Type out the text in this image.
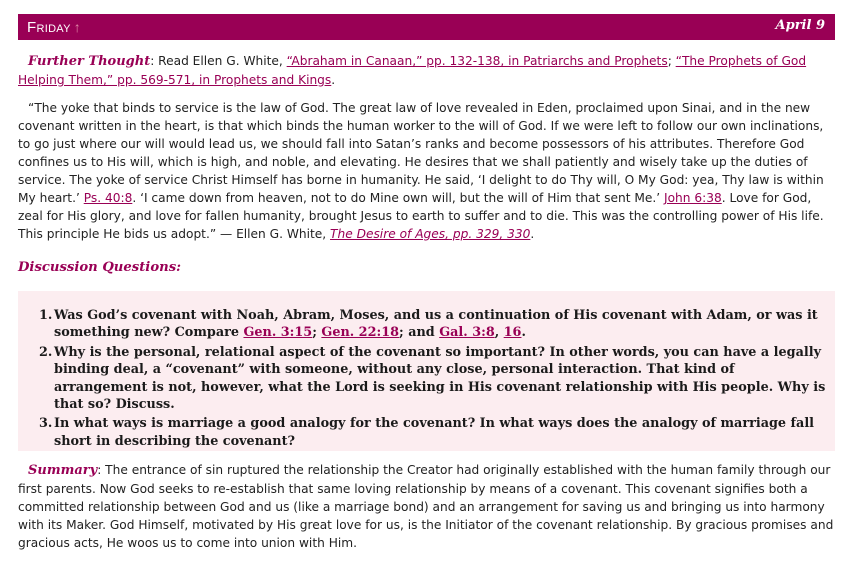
Friday ↑	April 9

Further Thought: Read Ellen G. White, “Abraham in Canaan,” pp. 132-138, in Patriarchs and Prophets; “The Prophets of God Helping Them,” pp. 569-571, in Prophets and Kings.

“The yoke that binds to service is the law of God. The great law of love revealed in Eden, proclaimed upon Sinai, and in the new covenant written in the heart, is that which binds the human worker to the will of God. If we were left to follow our own inclinations, to go just where our will would lead us, we should fall into Satan’s ranks and become possessors of his attributes. Therefore God confines us to His will, which is high, and noble, and elevating. He desires that we shall patiently and wisely take up the duties of service. The yoke of service Christ Himself has borne in humanity. He said, ‘I delight to do Thy will, O My God: yea, Thy law is within My heart.’ Ps. 40:8. ‘I came down from heaven, not to do Mine own will, but the will of Him that sent Me.’ John 6:38. Love for God, zeal for His glory, and love for fallen humanity, brought Jesus to earth to suffer and to die. This was the controlling power of His life. This principle He bids us adopt.” — Ellen G. White, The Desire of Ages, pp. 329, 330.

Discussion Questions:

1. Was God’s covenant with Noah, Abram, Moses, and us a continuation of His covenant with Adam, or was it something new? Compare Gen. 3:15; Gen. 22:18; and Gal. 3:8, 16.
2. Why is the personal, relational aspect of the covenant so important? In other words, you can have a legally binding deal, a “covenant” with someone, without any close, personal interaction. That kind of arrangement is not, however, what the Lord is seeking in His covenant relationship with His people. Why is that so? Discuss.
3. In what ways is marriage a good analogy for the covenant? In what ways does the analogy of marriage fall short in describing the covenant?

Summary: The entrance of sin ruptured the relationship the Creator had originally established with the human family through our first parents. Now God seeks to re-establish that same loving relationship by means of a covenant. This covenant signifies both a committed relationship between God and us (like a marriage bond) and an arrangement for saving us and bringing us into harmony with its Maker. God Himself, motivated by His great love for us, is the Initiator of the covenant relationship. By gracious promises and gracious acts, He woos us to come into union with Him.
